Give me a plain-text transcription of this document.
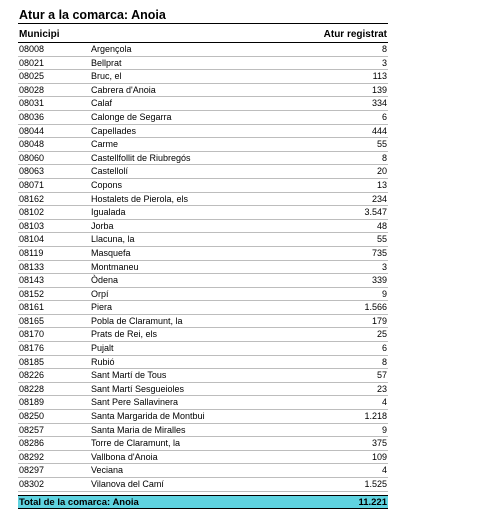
Atur a la comarca: Anoia
Municipi	Atur registrat
08008	Argençola	8
08021	Bellprat	3
08025	Bruc, el	113
08028	Cabrera d'Anoia	139
08031	Calaf	334
08036	Calonge de Segarra	6
08044	Capellades	444
08048	Carme	55
08060	Castellfollit de Riubregós	8
08063	Castellolí	20
08071	Copons	13
08162	Hostalets de Pierola, els	234
08102	Igualada	3.547
08103	Jorba	48
08104	Llacuna, la	55
08119	Masquefa	735
08133	Montmaneu	3
08143	Òdena	339
08152	Orpí	9
08161	Piera	1.566
08165	Pobla de Claramunt, la	179
08170	Prats de Rei, els	25
08176	Pujalt	6
08185	Rubió	8
08226	Sant Martí de Tous	57
08228	Sant Martí Sesgueioles	23
08189	Sant Pere Sallavinera	4
08250	Santa Margarida de Montbui	1.218
08257	Santa Maria de Miralles	9
08286	Torre de Claramunt, la	375
08292	Vallbona d'Anoia	109
08297	Veciana	4
08302	Vilanova del Camí	1.525
Total de la comarca: Anoia	11.221
